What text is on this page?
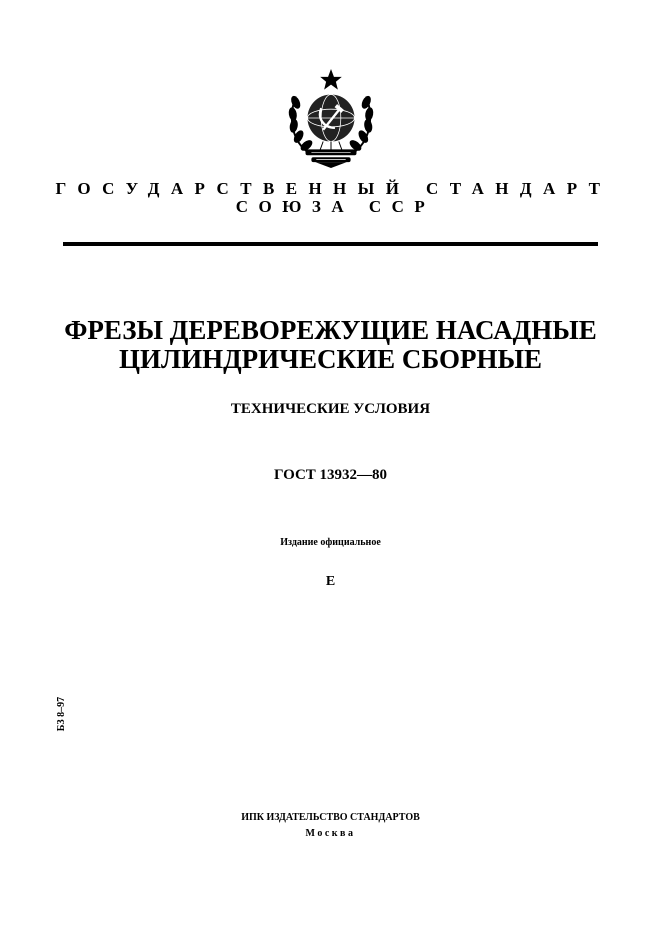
ГОСУДАРСТВЕННЫЙ СТАНДАРТ
СОЮЗА ССР
ФРЕЗЫ ДЕРЕВОРЕЖУЩИЕ НАСАДНЫЕ
ЦИЛИНДРИЧЕСКИЕ СБОРНЫЕ
ТЕХНИЧЕСКИЕ УСЛОВИЯ
ГОСТ 13932—80
Издание официальное
Е
БЗ 8–97
ИПК ИЗДАТЕЛЬСТВО СТАНДАРТОВ
Москва
